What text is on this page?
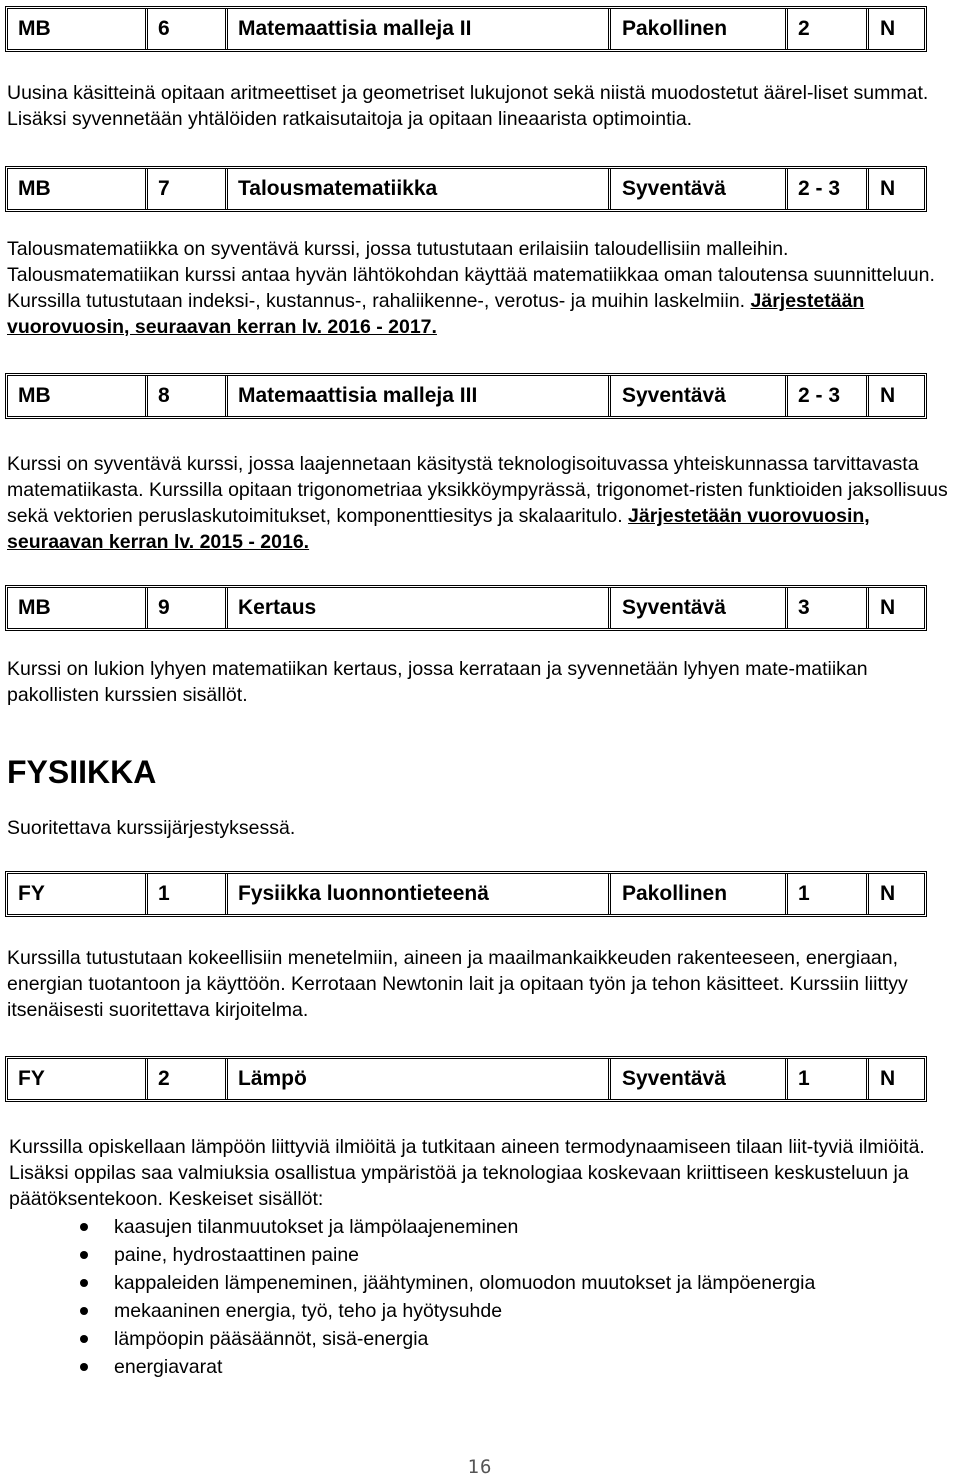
MB	6	Matemaattisia malleja II	Pakollinen	2	N

Uusina käsitteinä opitaan aritmeettiset ja geometriset lukujonot sekä niistä muodostetut äärel-liset summat. Lisäksi syvennetään yhtälöiden ratkaisutaitoja ja opitaan lineaarista optimointia.

MB	7	Talousmatematiikka	Syventävä	2 - 3	N

Talousmatematiikka on syventävä kurssi, jossa tutustutaan erilaisiin taloudellisiin malleihin. Talousmatematiikan kurssi antaa hyvän lähtökohdan käyttää matematiikkaa oman taloutensa suunnitteluun. Kurssilla tutustutaan indeksi-, kustannus-, rahaliikenne-, verotus- ja muihin laskelmiin. Järjestetään vuorovuosin, seuraavan kerran lv. 2016 - 2017.

MB	8	Matemaattisia malleja III	Syventävä	2 - 3	N

Kurssi on syventävä kurssi, jossa laajennetaan käsitystä teknologisoituvassa yhteiskunnassa tarvittavasta matematiikasta. Kurssilla opitaan trigonometriaa yksikköympyrässä, trigonomet-risten funktioiden jaksollisuus sekä vektorien peruslaskutoimitukset, komponenttiesitys ja skalaaritulo. Järjestetään vuorovuosin, seuraavan kerran lv. 2015 - 2016.

MB	9	Kertaus	Syventävä	3	N

Kurssi on lukion lyhyen matematiikan kertaus, jossa kerrataan ja syvennetään lyhyen mate-matiikan pakollisten kurssien sisällöt.

FYSIIKKA

Suoritettava kurssijärjestyksessä.

FY	1	Fysiikka luonnontieteenä	Pakollinen	1	N

Kurssilla tutustutaan kokeellisiin menetelmiin, aineen ja maailmankaikkeuden rakenteeseen, energiaan, energian tuotantoon ja käyttöön. Kerrotaan Newtonin lait ja opitaan työn ja tehon käsitteet. Kurssiin liittyy itsenäisesti suoritettava kirjoitelma.

FY	2	Lämpö	Syventävä	1	N

Kurssilla opiskellaan lämpöön liittyviä ilmiöitä ja tutkitaan aineen termodynaamiseen tilaan liit-tyviä ilmiöitä. Lisäksi oppilas saa valmiuksia osallistua ympäristöä ja teknologiaa koskevaan kriittiseen keskusteluun ja päätöksentekoon. Keskeiset sisällöt:

kaasujen tilanmuutokset ja lämpölaajeneminen
paine, hydrostaattinen paine
kappaleiden lämpeneminen, jäähtyminen, olomuodon muutokset ja lämpöenergia
mekaaninen energia, työ, teho ja hyötysuhde
lämpöopin pääsäännöt, sisä-energia
energiavarat
16
